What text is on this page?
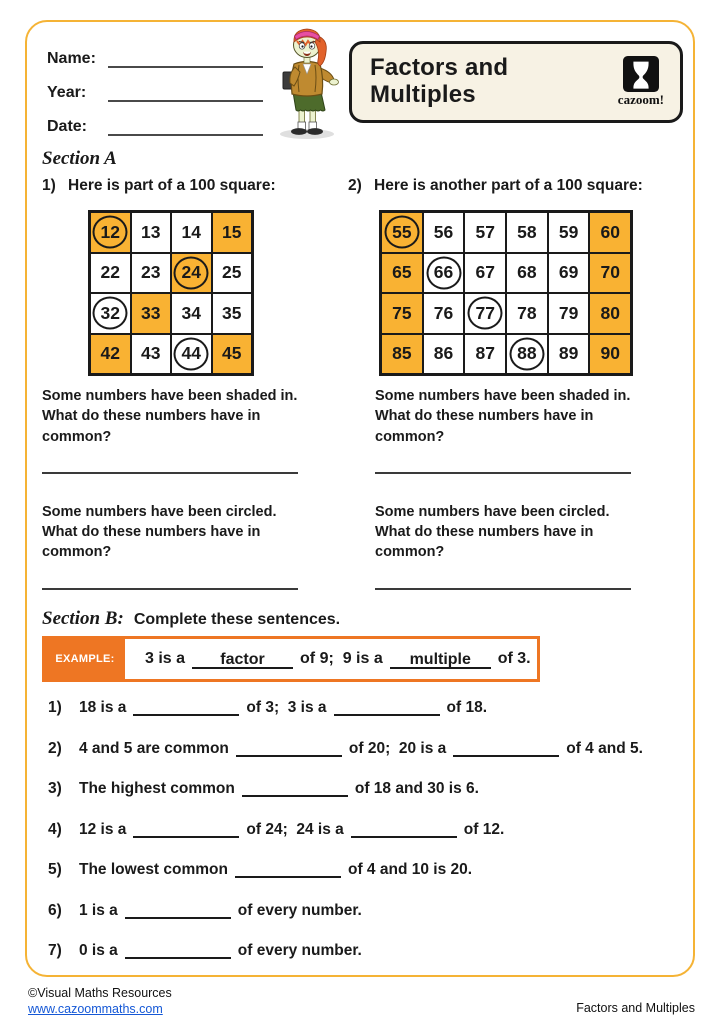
Name:
Year:
Date:
Factors and Multiples	cazoom!
Section A
1) Here is part of a 100 square:	2) Here is another part of a 100 square:
12 13 14 15
22 23 24 25
32 33 34 35
42 43 44 45
55 56 57 58 59 60
65 66 67 68 69 70
75 76 77 78 79 80
85 86 87 88 89 90

Some numbers have been shaded in. What do these numbers have in common?

Some numbers have been circled. What do these numbers have in common?

Some numbers have been shaded in. What do these numbers have in common?

Some numbers have been circled. What do these numbers have in common?

Section B: Complete these sentences.
EXAMPLE:	3 is a	factor	of 9;  9 is a	multiple	of 3.
1)	18 is a	of 3;  3 is a	of 18.
2)	4 and 5 are common	of 20;  20 is a	of 4 and 5.
3)	The highest common	of 18 and 30 is 6.
4)	12 is a	of 24;  24 is a	of 12.
5)	The lowest common	of 4 and 10 is 20.
6)	1 is a	of every number.
7)	0 is a	of every number.
©Visual Maths Resources
www.cazoommaths.com	Factors and Multiples
